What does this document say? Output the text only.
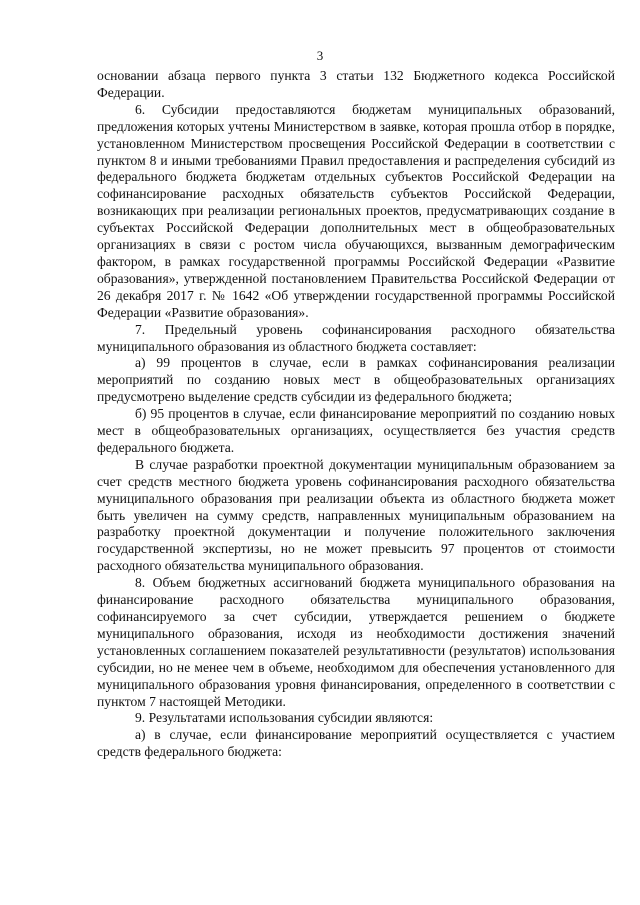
3

основании абзаца первого пункта 3 статьи 132 Бюджетного кодекса Российской Федерации.

6. Субсидии предоставляются бюджетам муниципальных образований, предложения которых учтены Министерством в заявке, которая прошла отбор в порядке, установленном Министерством просвещения Российской Федерации в соответствии с пунктом 8 и иными требованиями Правил предоставления и распределения субсидий из федерального бюджета бюджетам отдельных субъектов Российской Федерации на софинансирование расходных обязательств субъектов Российской Федерации, возникающих при реализации региональных проектов, предусматривающих создание в субъектах Российской Федерации дополнительных мест в общеобразовательных организациях в связи с ростом числа обучающихся, вызванным демографическим фактором, в рамках государственной программы Российской Федерации «Развитие образования», утвержденной постановлением Правительства Российской Федерации от 26 декабря 2017 г. № 1642 «Об утверждении государственной программы Российской Федерации «Развитие образования».

7. Предельный уровень софинансирования расходного обязательства муниципального образования из областного бюджета составляет:

а) 99 процентов в случае, если в рамках софинансирования реализации мероприятий по созданию новых мест в общеобразовательных организациях предусмотрено выделение средств субсидии из федерального бюджета;

б) 95 процентов в случае, если финансирование мероприятий по созданию новых мест в общеобразовательных организациях, осуществляется без участия средств федерального бюджета.

В случае разработки проектной документации муниципальным образованием за счет средств местного бюджета уровень софинансирования расходного обязательства муниципального образования при реализации объекта из областного бюджета может быть увеличен на сумму средств, направленных муниципальным образованием на разработку проектной документации и получение положительного заключения государственной экспертизы, но не может превысить 97 процентов от стоимости расходного обязательства муниципального образования.

8. Объем бюджетных ассигнований бюджета муниципального образования на финансирование расходного обязательства муниципального образования, софинансируемого за счет субсидии, утверждается решением о бюджете муниципального образования, исходя из необходимости достижения значений установленных соглашением показателей результативности (результатов) использования субсидии, но не менее чем в объеме, необходимом для обеспечения установленного для муниципального образования уровня финансирования, определенного в соответствии с пунктом 7 настоящей Методики.

9. Результатами использования субсидии являются:

а) в случае, если финансирование мероприятий осуществляется с участием средств федерального бюджета:
